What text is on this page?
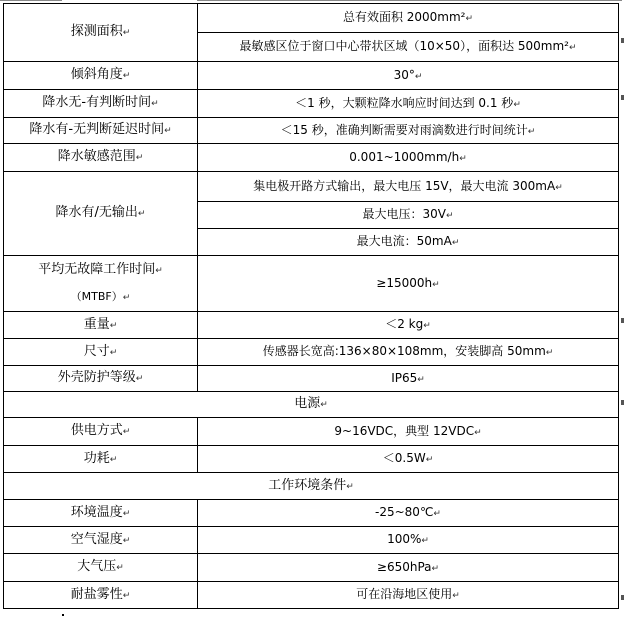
探测面积↵	总有效面积 2000mm²↵
	最敏感区位于窗口中心带状区域（10×50），面积达 500mm²↵
倾斜角度↵	30°↵
降水无-有判断时间↵	＜1 秒，大颗粒降水响应时间达到 0.1 秒↵
降水有-无判断延迟时间↵	＜15 秒，准确判断需要对雨滴数进行时间统计↵
降水敏感范围↵	0.001~1000mm/h↵
降水有/无输出↵	集电极开路方式输出，最大电压 15V，最大电流 300mA↵
	最大电压：30V↵
	最大电流：50mA↵

平均无故障工作时间↵
（MTBF）↵	≥15000h↵
重量↵	＜2 kg↵
尺寸↵	传感器长宽高:136×80×108mm，安装脚高 50mm↵
外壳防护等级↵	IP65↵
电源↵	
供电方式↵	9~16VDC，典型 12VDC↵
功耗↵	＜0.5W↵
工作环境条件↵	
环境温度↵	-25~80℃↵
空气湿度↵	100%↵
大气压↵	≥650hPa↵
耐盐雾性↵	可在沿海地区使用↵
